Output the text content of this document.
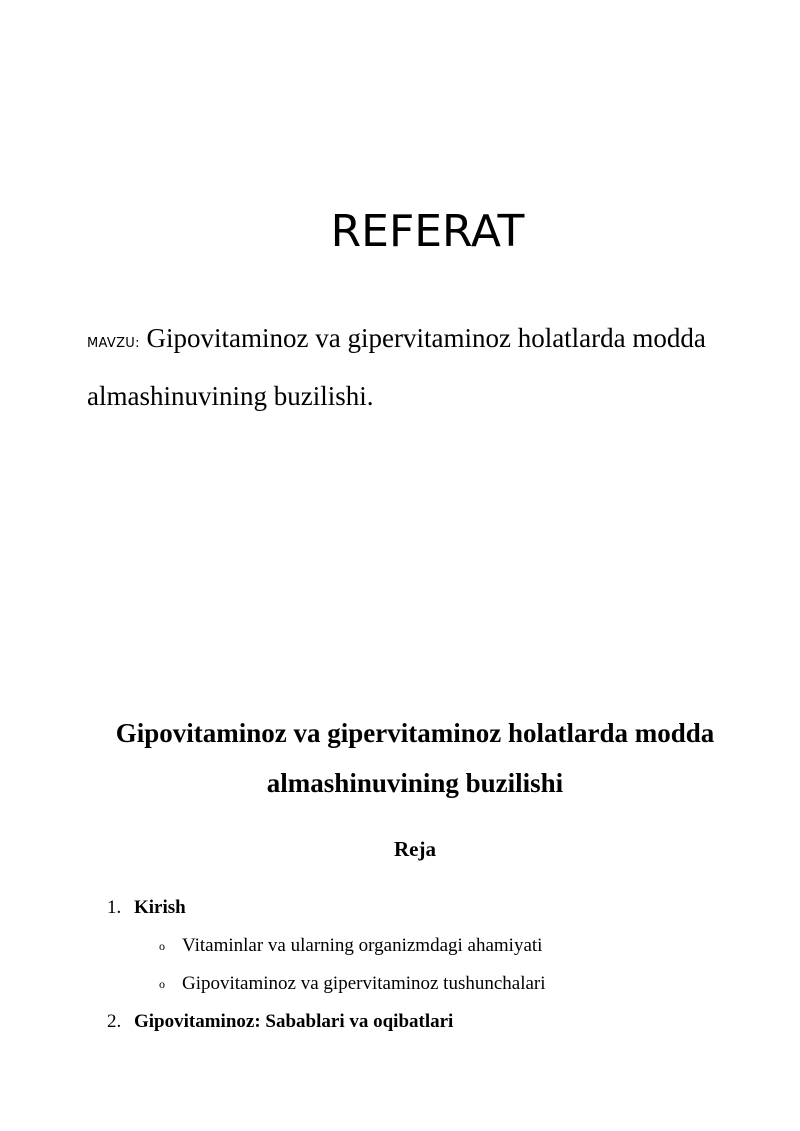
REFERAT

MAVZU: Gipovitaminoz va gipervitaminoz holatlarda modda almashinuvining buzilishi.

Gipovitaminoz va gipervitaminoz holatlarda modda almashinuvining buzilishi
Reja
1. Kirish
o Vitaminlar va ularning organizmdagi ahamiyati
o Gipovitaminoz va gipervitaminoz tushunchalari
2. Gipovitaminoz: Sabablari va oqibatlari
